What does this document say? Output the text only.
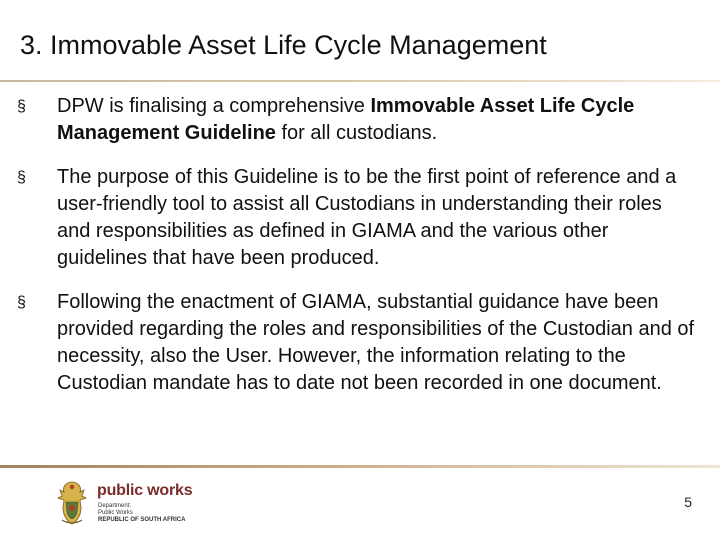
3. Immovable Asset Life Cycle Management
§ DPW is finalising a comprehensive Immovable Asset Life Cycle Management Guideline for all custodians.
§ The purpose of this Guideline is to be the first point of reference and a user-friendly tool to assist all Custodians in understanding their roles and responsibilities as defined in GIAMA and the various other guidelines that have been produced.
§ Following the enactment of GIAMA, substantial guidance have been provided regarding the roles and responsibilities of the Custodian and of necessity, also the User. However, the information relating to the Custodian mandate has to date not been recorded in one document.
public works
Department:
Public Works
REPUBLIC OF SOUTH AFRICA
5
